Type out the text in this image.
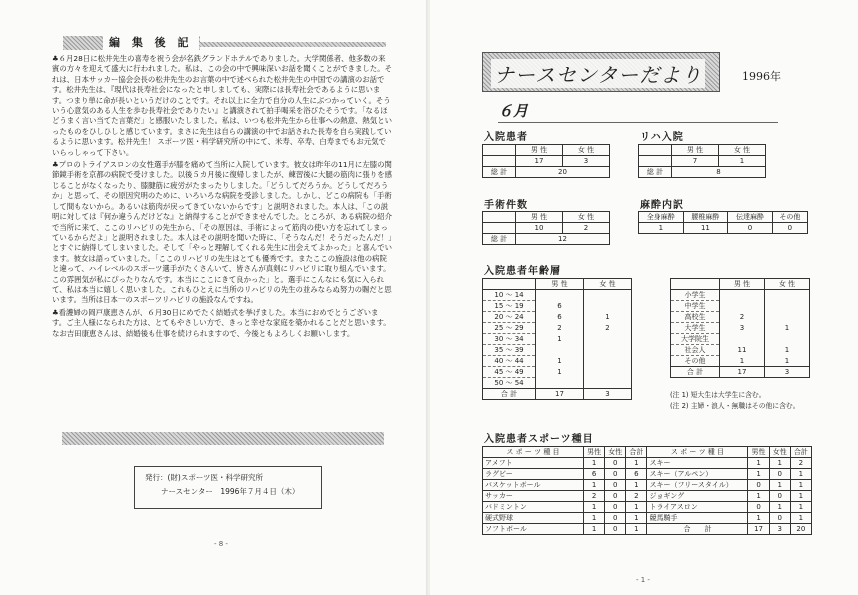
編 集 後 記

♣６月28日に松井先生の喜寿を祝う会が名鉄グランドホテルでありました。大学関係者、他多数の来賓の方々を迎えて盛大に行われました。私は、この会の中で興味深いお話を聞くことができました。それは、日本サッカー協会会長の松井先生のお言葉の中で述べられた松井先生の中国での講演のお話です。松井先生は、『現代は長寿社会になったと申しましても、実際には長寿社会であるように思います。つまり単に命が長いというだけのことです。それ以上に全力で自分の人生にぶつかっていく。そういう心意気のある人生を歩む長寿社会でありたい』と講演されて拍手喝采を浴びたそうです。「なるほどうまく言い当てた言葉だ」と感服いたしました。私は、いつも松井先生から仕事への熱意、熱気といったものをひしひしと感じています。まさに先生は自らの講演の中でお話された長寿を自ら実践しているように思います。松井先生！ スポーツ医・科学研究所の中にて、米寿、卒寿、白寿までもお元気でいらっしゃって下さい。

♣プロのトライアスロンの女性選手が膝を痛めて当所に入院しています。彼女は昨年の11月に左膝の関節鏡手術を京都の病院で受けました。以後５カ月後に復帰しましたが、練習後に大腿の筋肉に張りを感じることがなくなったり、膝腱筋に疲労がたまったりしました。「どうしてだろうか。どうしてだろうか」と思って、その原因究明のために、いろいろな病院を受診しました。しかし、どこの病院も「手術して間もないから。あるいは筋肉が戻ってきていないからです」と説明されました。本人は、「この説明に対しては『何か違うんだけどな』と納得することができませんでした。ところが、ある病院の紹介で当所に来て、ここのリハビリの先生から、「その原因は、手術によって筋肉の使い方を忘れてしまっているからだよ」と説明されました。本人はその説明を聞いた時に、「そうなんだ！そうだったんだ！」とすぐに納得してしまいました。そして「やっと理解してくれる先生に出会えてよかった」と喜んでいます。彼女は語っていました。「ここのリハビリの先生はとても優秀です。またここの施設は他の病院と違って、ハイレベルのスポーツ選手がたくさんいて、皆さんが真剣にリハビリに取り組んでいます。この雰囲気が私にぴったりなんです。本当にここにきて良かった」と。選手にこんなにも気に入られて、私は本当に嬉しく思いました。これもひとえに当所のリハビリの先生の並みならぬ努力の賜だと思います。当所は日本一のスポーツリハビリの施設なんですね。

♣看護婦の岡戸康恵さんが、６月30日にめでたく結婚式を挙げました。本当におめでとうございます。ご主人様になられた方は、とてもやさしい方で、きっと幸せな家庭を築かれることだと思います。なお吉田康恵さんは、結婚後も仕事を続けられますので、今後ともよろしくお願いします。

発行：(財)スポーツ医・科学研究所
ナースセンター　1996年７月４日（木）
- 8 -
ナースセンターだより	1996年
６月
入院患者
	男 性	女 性
	17	3
総 計	20	
リハ入院
	男 性	女 性
	7	1
総 計	8	
手術件数
	男 性	女 性
	10	2
総 計	12	
麻酔内訳
全身麻酔	腰椎麻酔	伝達麻酔	その他
1	11	0	0
入院患者年齢層
	男 性	女 性
10 ～ 14		
15 ～ 19	6	
20 ～ 24	6	1
25 ～ 29	2	2
30 ～ 34	1	
35 ～ 39		
40 ～ 44	1	
45 ～ 49	1	
50 ～ 54		
合 計	17	3
	男 性	女 性
小学生		
中学生		
高校生	2	
大学生	3	1
大学院生		
社会人	11	1
その他	1	1
合 計	17	3
(注 1) 短大生は大学生に含む。
(注 2) 主婦・浪人・無職はその他に含む。
入院患者スポーツ種目
ス ポ ー ツ 種 目	男性	女性	合計	ス ポ ー ツ 種 目	男性	女性	合計
アメフト	1	0	1	スキー	1	1	2
ラグビー	6	0	6	スキー（アルペン）	1	0	1
バスケットボール	1	0	1	スキー（フリースタイル）	0	1	1
サッカー	2	0	2	ジョギング	1	0	1
バドミントン	1	0	1	トライアスロン	0	1	1
硬式野球	1	0	1	競馬騎手	1	0	1
ソフトボール	1	0	1	合　　計	17	3	20
- 1 -
